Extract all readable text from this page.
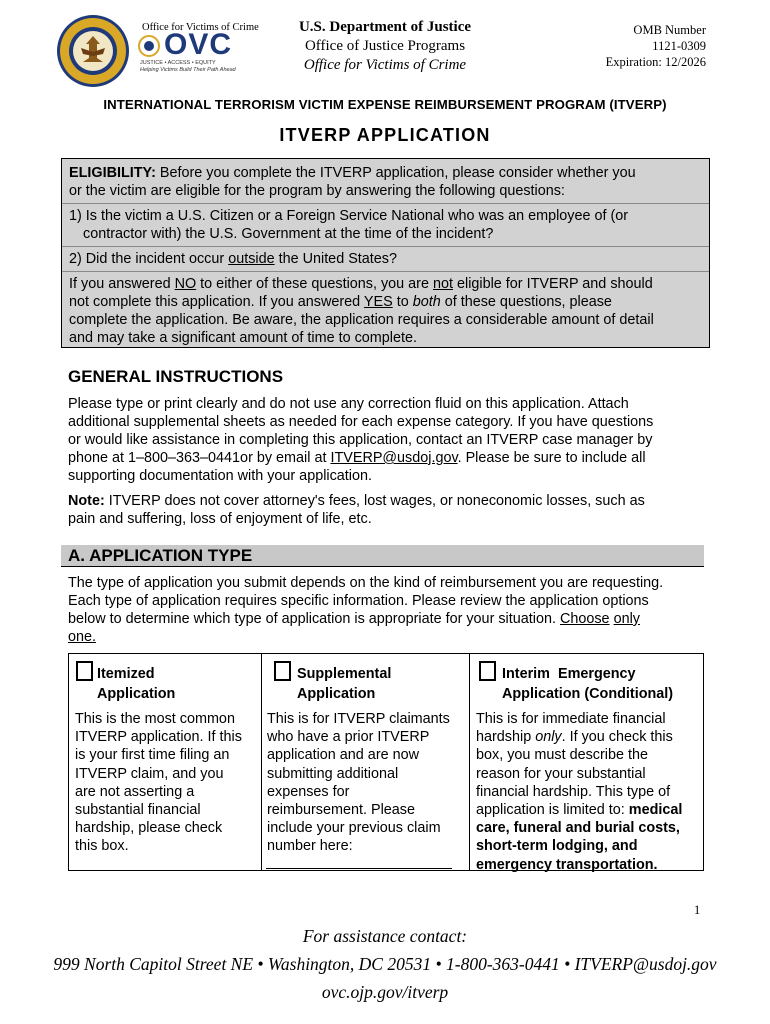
Office for Victims of Crime
OVC
JUSTICE • ACCESS • EQUITY
Helping Victims Build Their Path Ahead
U.S. Department of Justice
Office of Justice Programs
Office for Victims of Crime
OMB Number
1121-0309
Expiration: 12/2026
INTERNATIONAL TERRORISM VICTIM EXPENSE REIMBURSEMENT PROGRAM (ITVERP)
ITVERP APPLICATION

ELIGIBILITY: Before you complete the ITVERP application, please consider whether you

or the victim are eligible for the program by answering the following questions:

1) Is the victim a U.S. Citizen or a Foreign Service National who was an employee of (or

contractor with) the U.S. Government at the time of the incident?

2) Did the incident occur outside the United States?

If you answered NO to either of these questions, you are not eligible for ITVERP and should

not complete this application. If you answered YES to both of these questions, please

complete the application. Be aware, the application requires a considerable amount of detail

and may take a significant amount of time to complete.

GENERAL INSTRUCTIONS

Please type or print clearly and do not use any correction fluid on this application. Attach

additional supplemental sheets as needed for each expense category. If you have questions

or would like assistance in completing this application, contact an ITVERP case manager by

phone at 1–800–363–0441or by email at ITVERP@usdoj.gov. Please be sure to include all

supporting documentation with your application.

Note: ITVERP does not cover attorney's fees, lost wages, or noneconomic losses, such as

pain and suffering, loss of enjoyment of life, etc.

A. APPLICATION TYPE

The type of application you submit depends on the kind of reimbursement you are requesting.

Each type of application requires specific information. Please review the application options

below to determine which type of application is appropriate for your situation. Choose only

one.

Itemized
Application
This is the most common
ITVERP application. If this
is your first time filing an
ITVERP claim, and you
are not asserting a
substantial financial
hardship, please check
this box.
Supplemental
Application
This is for ITVERP claimants
who have a prior ITVERP
application and are now
submitting additional
expenses for
reimbursement. Please
include your previous claim
number here:
Interim  Emergency
Application (Conditional)
This is for immediate financial
hardship only. If you check this
box, you must describe the
reason for your substantial
financial hardship. This type of
application is limited to: medical
care, funeral and burial costs,
short-term lodging, and
emergency transportation.
1
For assistance contact:
999 North Capitol Street NE • Washington, DC 20531 • 1-800-363-0441 • ITVERP@usdoj.gov
ovc.ojp.gov/itverp
